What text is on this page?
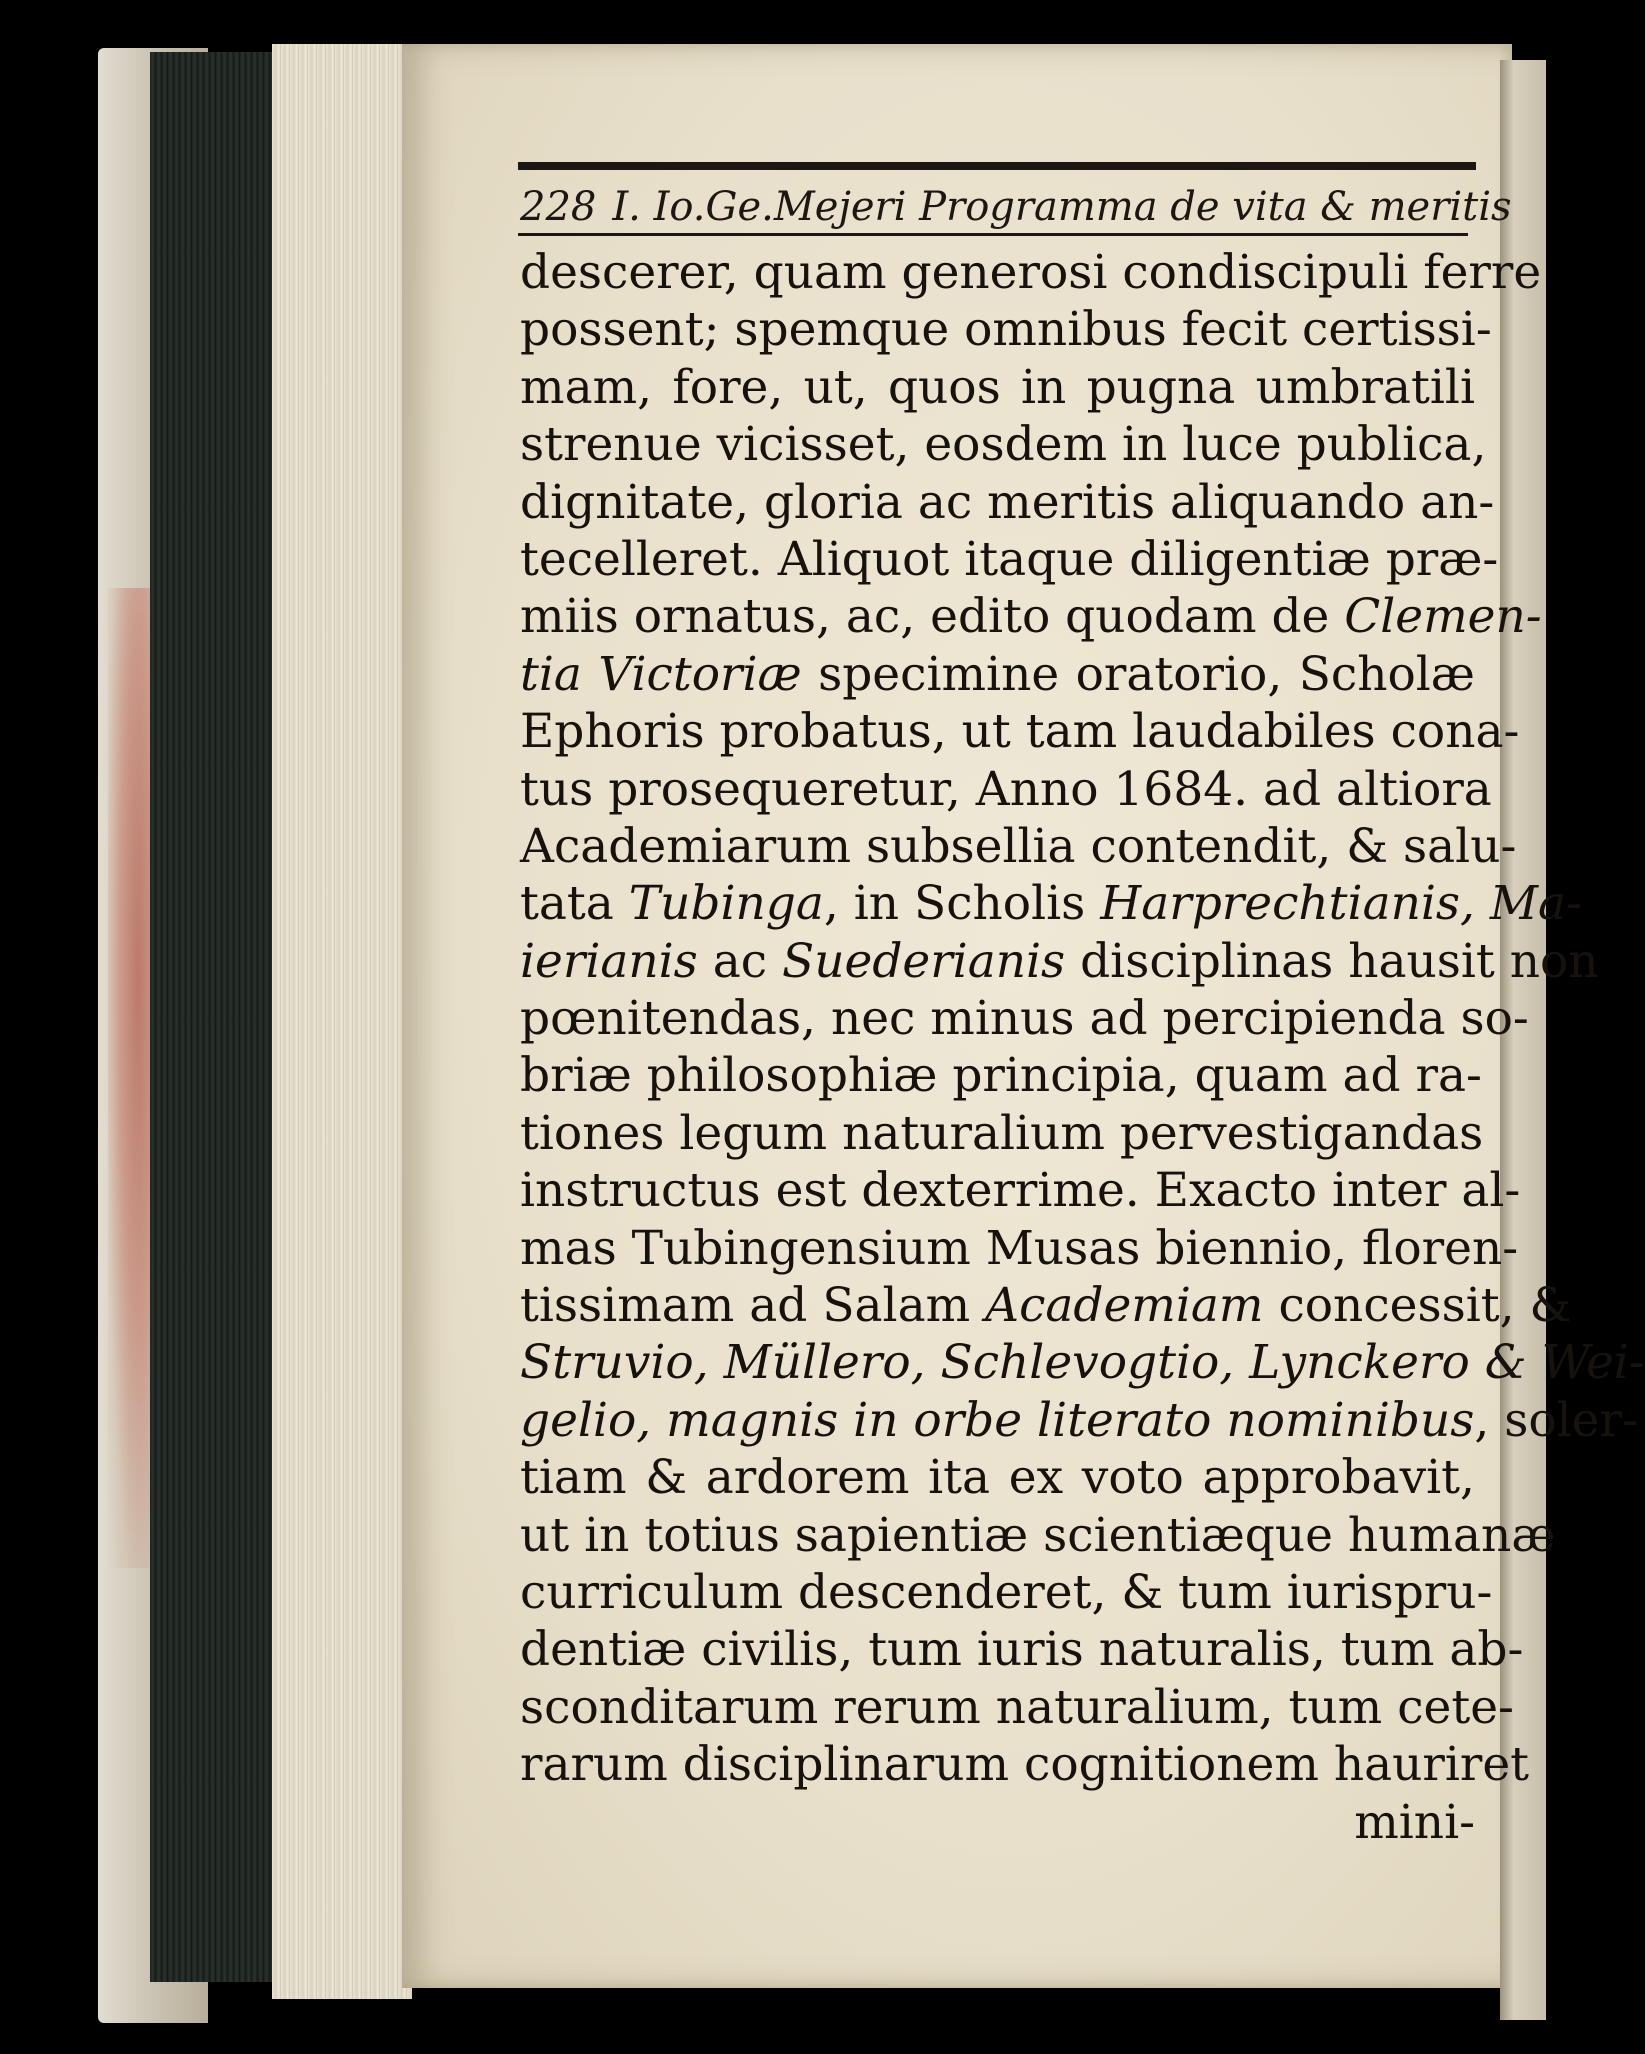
228 I. Io.Ge.Mejeri Programma de vita & meritis
descerer, quam generosi condiscipuli ferre
possent; spemque omnibus fecit certissi-
mam, fore, ut, quos in pugna umbratili
strenue vicisset, eosdem in luce publica,
dignitate, gloria ac meritis aliquando an-
tecelleret. Aliquot itaque diligentiæ præ-
miis ornatus, ac, edito quodam de Clemen-
tia Victoriæ specimine oratorio, Scholæ
Ephoris probatus, ut tam laudabiles cona-
tus prosequeretur, Anno 1684. ad altiora
Academiarum subsellia contendit, & salu-
tata Tubinga, in Scholis Harprechtianis, Ma-
ierianis ac Suederianis disciplinas hausit non
pœnitendas, nec minus ad percipienda so-
briæ philosophiæ principia, quam ad ra-
tiones legum naturalium pervestigandas
instructus est dexterrime. Exacto inter al-
mas Tubingensium Musas biennio, floren-
tissimam ad Salam Academiam concessit, &
Struvio, Müllero, Schlevogtio, Lynckero & Wei-
gelio, magnis in orbe literato nominibus, soler-
tiam & ardorem ita ex voto approbavit,
ut in totius sapientiæ scientiæque humanæ
curriculum descenderet, & tum iurispru-
dentiæ civilis, tum iuris naturalis, tum ab-
sconditarum rerum naturalium, tum cete-
rarum disciplinarum cognitionem hauriret
mini-
